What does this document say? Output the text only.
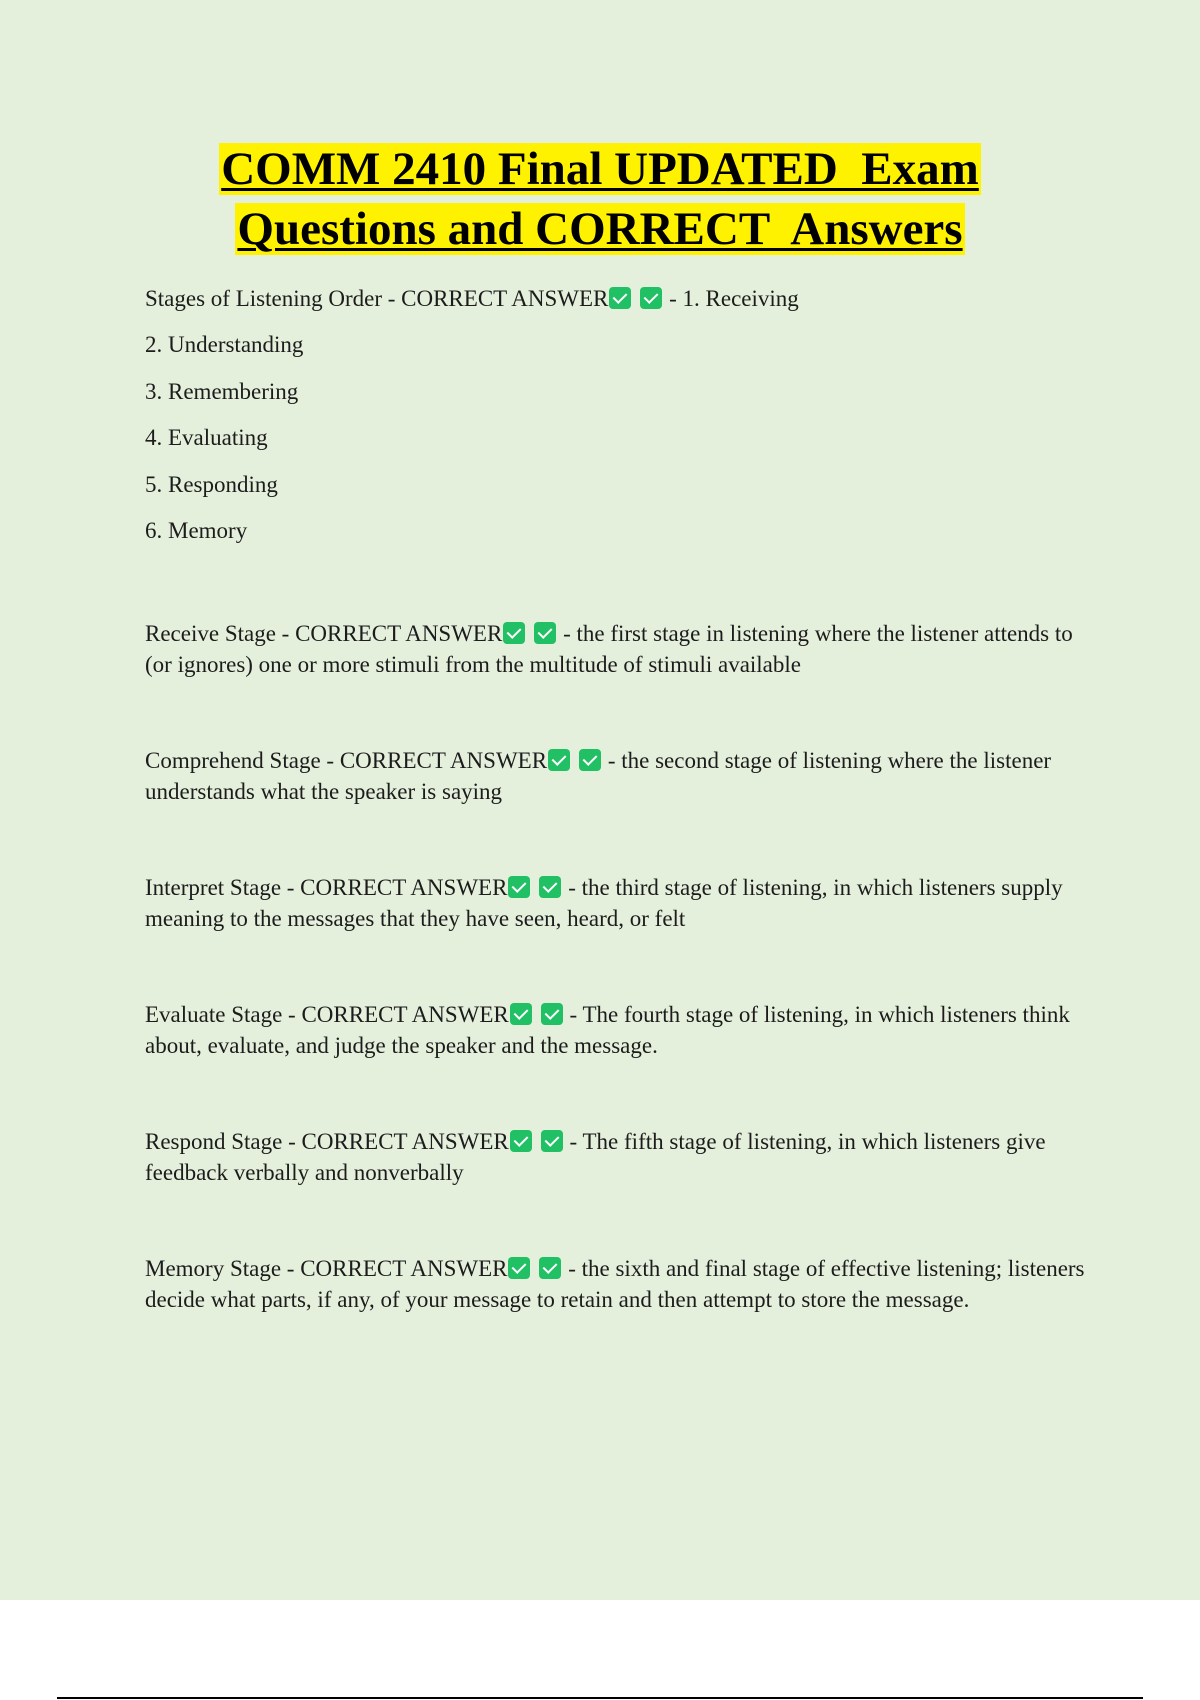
COMM 2410 Final UPDATED  Exam
Questions and CORRECT  Answers

Stages of Listening Order - CORRECT ANSWER	- 1. Receiving

2. Understanding

3. Remembering

4. Evaluating

5. Responding

6. Memory

Receive Stage - CORRECT ANSWER	- the first stage in listening where the listener attends to (or ignores) one or more stimuli from the multitude of stimuli available

Comprehend Stage - CORRECT ANSWER	- the second stage of listening where the listener understands what the speaker is saying

Interpret Stage - CORRECT ANSWER	- the third stage of listening, in which listeners supply meaning to the messages that they have seen, heard, or felt

Evaluate Stage - CORRECT ANSWER	- The fourth stage of listening, in which listeners think about, evaluate, and judge the speaker and the message.

Respond Stage - CORRECT ANSWER	- The fifth stage of listening, in which listeners give feedback verbally and nonverbally

Memory Stage - CORRECT ANSWER	- the sixth and final stage of effective listening; listeners decide what parts, if any, of your message to retain and then attempt to store the message.
